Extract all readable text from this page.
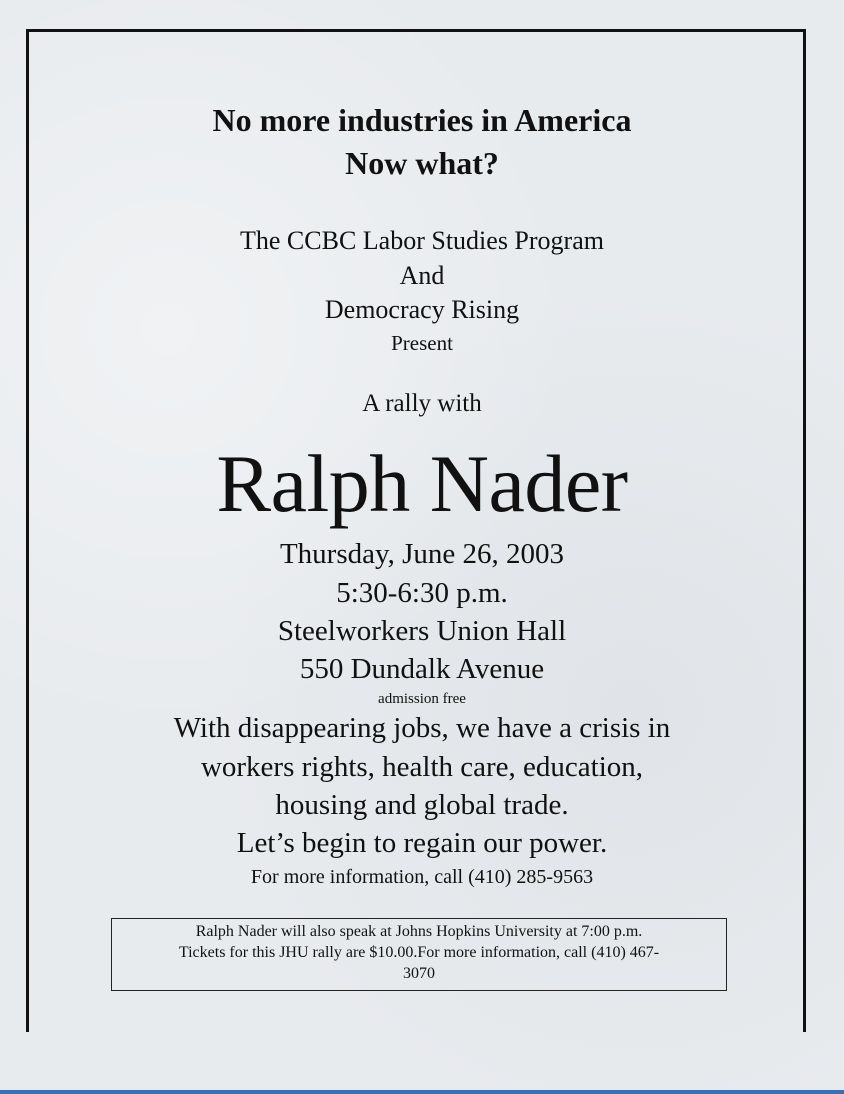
No more industries in America
Now what?
The CCBC Labor Studies Program
And
Democracy Rising
Present
A rally with
Ralph Nader
Thursday, June 26, 2003
5:30-6:30 p.m.
Steelworkers Union Hall
550 Dundalk Avenue
admission free
With disappearing jobs, we have a crisis in
workers rights, health care, education,
housing and global trade.
Let’s begin to regain our power.
For more information, call (410) 285-9563
Ralph Nader will also speak at Johns Hopkins University at 7:00 p.m.
Tickets for this JHU rally are $10.00.For more information, call (410) 467-
3070
